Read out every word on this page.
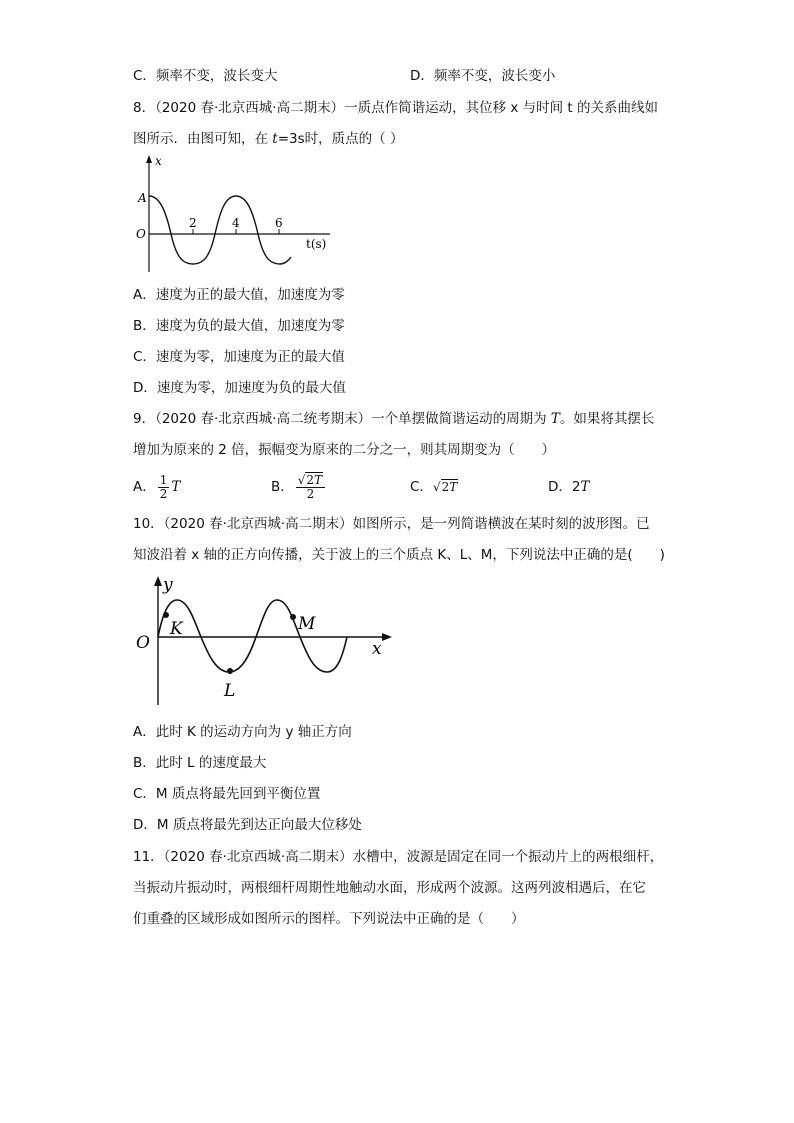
C．频率不变，波长变大	D．频率不变，波长变小
8．（2020 春·北京西城·高二期末）一质点作简谐运动，其位移 x 与时间 t 的关系曲线如
图所示．由图可知，在 t=3s时，质点的（ ）
x
A
O
2	4	6
t(s)
A．速度为正的最大值，加速度为零
B．速度为负的最大值，加速度为零
C．速度为零，加速度为正的最大值
D．速度为零，加速度为负的最大值
9．（2020 春·北京西城·高二统考期末）一个单摆做简谐运动的周期为 T。如果将其摆长
增加为原来的 2 倍，振幅变为原来的二分之一，则其周期变为（　　）
A． $\frac{1}{2}$ T	B． $\frac{√2T}{2}$	C．√2T	D．2T
10．（2020 春·北京西城·高二期末）如图所示，是一列简谐横波在某时刻的波形图。已
知波沿着 x 轴的正方向传播，关于波上的三个质点 K、L、M，下列说法中正确的是(　　)
y
O
K
L
M
x
A．此时 K 的运动方向为 y 轴正方向
B．此时 L 的速度最大
C．M 质点将最先回到平衡位置
D．M 质点将最先到达正向最大位移处
11．（2020 春·北京西城·高二期末）水槽中，波源是固定在同一个振动片上的两根细杆，
当振动片振动时，两根细杆周期性地触动水面，形成两个波源。这两列波相遇后，在它
们重叠的区域形成如图所示的图样。下列说法中正确的是（　　）
